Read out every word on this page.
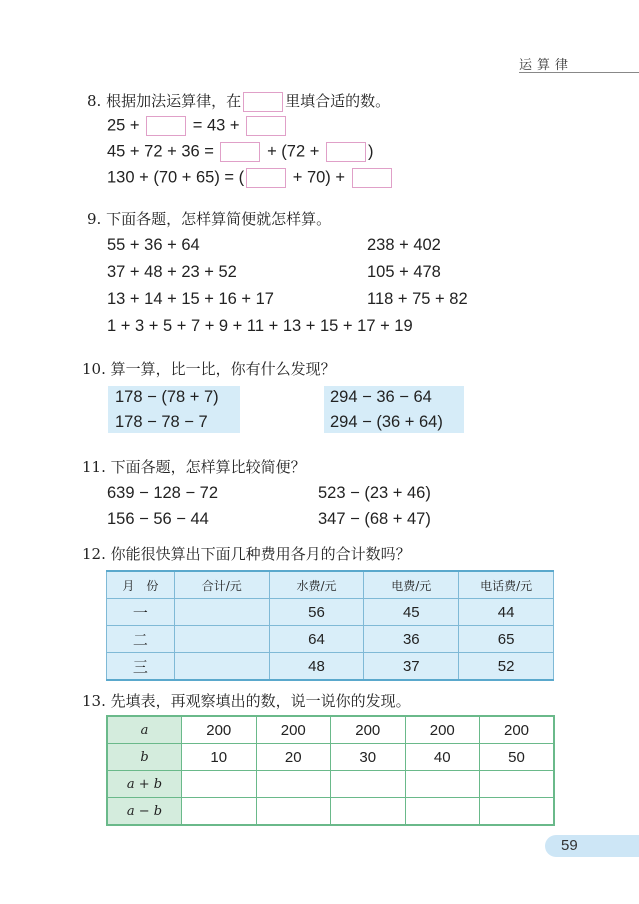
运算律
8. 根据加法运算律，在	里填合适的数。
25 +	= 43 +
45 + 72 + 36 =	+ (72 +	)
130 + (70 + 65) = (	+ 70) +
9. 下面各题，怎样算简便就怎样算。
55 + 36 + 64
37 + 48 + 23 + 52
13 + 14 + 15 + 16 + 17
1 + 3 + 5 + 7 + 9 + 11 + 13 + 15 + 17 + 19
238 + 402
105 + 478
118 + 75 + 82
10. 算一算，比一比，你有什么发现？
178 − (78 + 7)
178 − 78 − 7
294 − 36 − 64
294 − (36 + 64)
11. 下面各题，怎样算比较简便？
639 − 128 − 72
156 − 56 − 44
523 − (23 + 46)
347 − (68 + 47)
12. 你能很快算出下面几种费用各月的合计数吗？
月　份	合计/元	水费/元	电费/元	电话费/元
一		56	45	44
二		64	36	65
三		48	37	52
13. 先填表，再观察填出的数，说一说你的发现。
a	200	200	200	200	200
b	10	20	30	40	50
a + b					
a − b					
59
